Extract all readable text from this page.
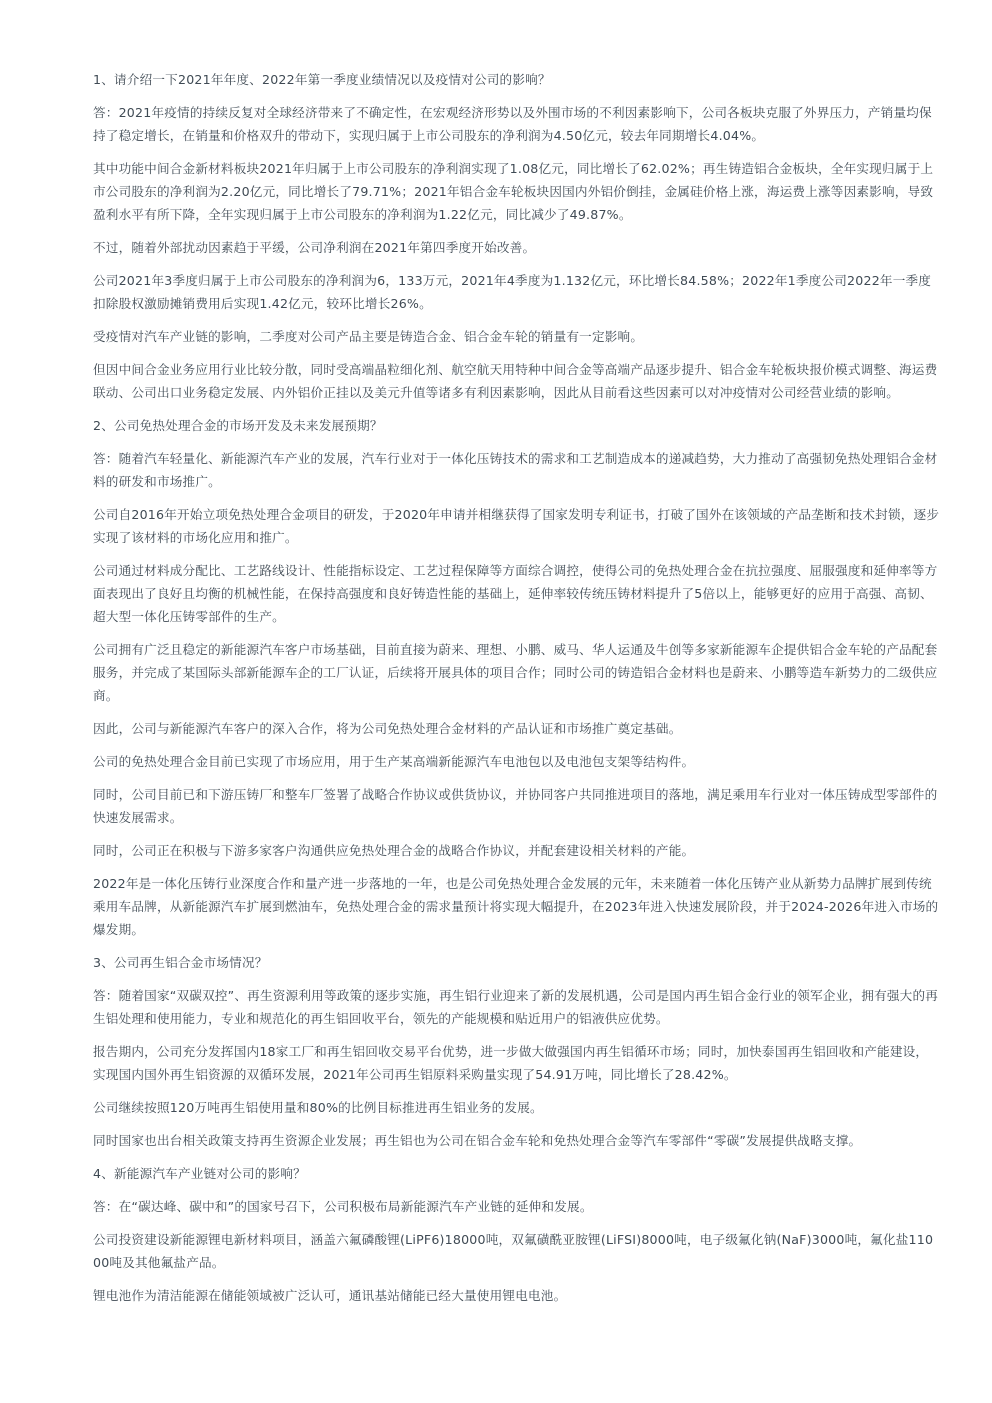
1、请介绍一下2021年年度、2022年第一季度业绩情况以及疫情对公司的影响？

答：2021年疫情的持续反复对全球经济带来了不确定性，在宏观经济形势以及外围市场的不利因素影响下，公司各板块克服了外界压力，产销量均保持了稳定增长，在销量和价格双升的带动下，实现归属于上市公司股东的净利润为4.50亿元，较去年同期增长4.04%。

其中功能中间合金新材料板块2021年归属于上市公司股东的净利润实现了1.08亿元，同比增长了62.02%；再生铸造铝合金板块，全年实现归属于上市公司股东的净利润为2.20亿元，同比增长了79.71%；2021年铝合金车轮板块因国内外铝价倒挂，金属硅价格上涨，海运费上涨等因素影响，导致盈利水平有所下降，全年实现归属于上市公司股东的净利润为1.22亿元，同比减少了49.87%。

不过，随着外部扰动因素趋于平缓，公司净利润在2021年第四季度开始改善。

公司2021年3季度归属于上市公司股东的净利润为6，133万元，2021年4季度为1.132亿元，环比增长84.58%；2022年1季度公司2022年一季度扣除股权激励摊销费用后实现1.42亿元，较环比增长26%。

受疫情对汽车产业链的影响，二季度对公司产品主要是铸造合金、铝合金车轮的销量有一定影响。

但因中间合金业务应用行业比较分散，同时受高端晶粒细化剂、航空航天用特种中间合金等高端产品逐步提升、铝合金车轮板块报价模式调整、海运费联动、公司出口业务稳定发展、内外铝价正挂以及美元升值等诸多有利因素影响，因此从目前看这些因素可以对冲疫情对公司经营业绩的影响。

2、公司免热处理合金的市场开发及未来发展预期？

答：随着汽车轻量化、新能源汽车产业的发展，汽车行业对于一体化压铸技术的需求和工艺制造成本的递减趋势，大力推动了高强韧免热处理铝合金材料的研发和市场推广。

公司自2016年开始立项免热处理合金项目的研发，于2020年申请并相继获得了国家发明专利证书，打破了国外在该领域的产品垄断和技术封锁，逐步实现了该材料的市场化应用和推广。

公司通过材料成分配比、工艺路线设计、性能指标设定、工艺过程保障等方面综合调控，使得公司的免热处理合金在抗拉强度、屈服强度和延伸率等方面表现出了良好且均衡的机械性能，在保持高强度和良好铸造性能的基础上，延伸率较传统压铸材料提升了5倍以上，能够更好的应用于高强、高韧、超大型一体化压铸零部件的生产。

公司拥有广泛且稳定的新能源汽车客户市场基础，目前直接为蔚来、理想、小鹏、威马、华人运通及牛创等多家新能源车企提供铝合金车轮的产品配套服务，并完成了某国际头部新能源车企的工厂认证，后续将开展具体的项目合作；同时公司的铸造铝合金材料也是蔚来、小鹏等造车新势力的二级供应商。

因此，公司与新能源汽车客户的深入合作，将为公司免热处理合金材料的产品认证和市场推广奠定基础。

公司的免热处理合金目前已实现了市场应用，用于生产某高端新能源汽车电池包以及电池包支架等结构件。

同时，公司目前已和下游压铸厂和整车厂签署了战略合作协议或供货协议，并协同客户共同推进项目的落地，满足乘用车行业对一体压铸成型零部件的快速发展需求。

同时，公司正在积极与下游多家客户沟通供应免热处理合金的战略合作协议，并配套建设相关材料的产能。

2022年是一体化压铸行业深度合作和量产进一步落地的一年，也是公司免热处理合金发展的元年，未来随着一体化压铸产业从新势力品牌扩展到传统乘用车品牌，从新能源汽车扩展到燃油车，免热处理合金的需求量预计将实现大幅提升，在2023年进入快速发展阶段，并于2024-2026年进入市场的爆发期。

3、公司再生铝合金市场情况？

答：随着国家“双碳双控”、再生资源利用等政策的逐步实施，再生铝行业迎来了新的发展机遇，公司是国内再生铝合金行业的领军企业，拥有强大的再生铝处理和使用能力，专业和规范化的再生铝回收平台，领先的产能规模和贴近用户的铝液供应优势。

报告期内，公司充分发挥国内18家工厂和再生铝回收交易平台优势，进一步做大做强国内再生铝循环市场；同时，加快泰国再生铝回收和产能建设，实现国内国外再生铝资源的双循环发展，2021年公司再生铝原料采购量实现了54.91万吨，同比增长了28.42%。

公司继续按照120万吨再生铝使用量和80%的比例目标推进再生铝业务的发展。

同时国家也出台相关政策支持再生资源企业发展；再生铝也为公司在铝合金车轮和免热处理合金等汽车零部件“零碳”发展提供战略支撑。

4、新能源汽车产业链对公司的影响？

答：在“碳达峰、碳中和”的国家号召下，公司积极布局新能源汽车产业链的延伸和发展。

公司投资建设新能源锂电新材料项目，涵盖六氟磷酸锂(LiPF6)18000吨，双氟磺酰亚胺锂(LiFSI)8000吨，电子级氟化钠(NaF)3000吨，氟化盐11000吨及其他氟盐产品。

锂电池作为清洁能源在储能领域被广泛认可，通讯基站储能已经大量使用锂电电池。
